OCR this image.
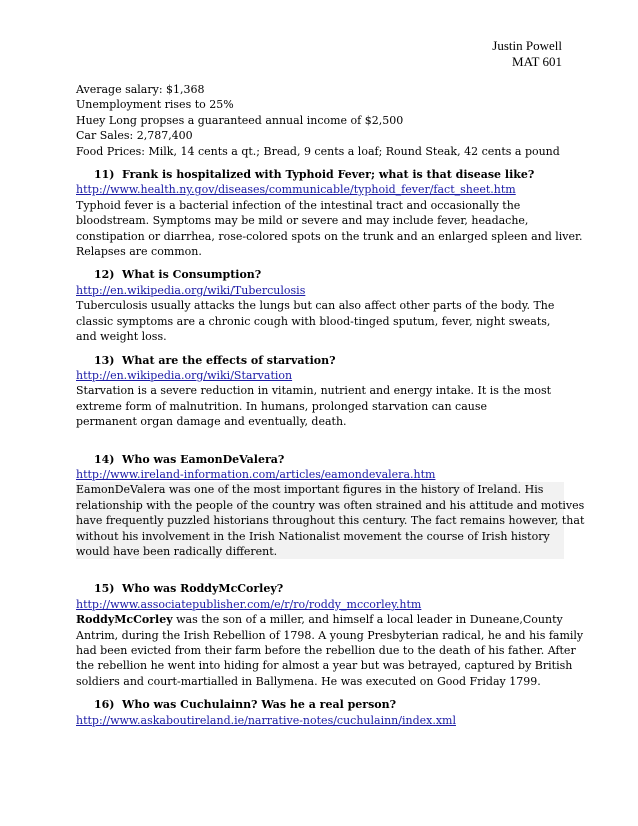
Justin Powell
MAT 601
Average salary: $1,368
Unemployment rises to 25%
Huey Long propses a guaranteed annual income of $2,500
Car Sales: 2,787,400
Food Prices: Milk, 14 cents a qt.; Bread, 9 cents a loaf; Round Steak, 42 cents a pound
11) Frank is hospitalized with Typhoid Fever; what is that disease like?
http://www.health.ny.gov/diseases/communicable/typhoid_fever/fact_sheet.htm
Typhoid fever is a bacterial infection of the intestinal tract and occasionally the
bloodstream. Symptoms may be mild or severe and may include fever, headache,
constipation or diarrhea, rose-colored spots on the trunk and an enlarged spleen and liver.
Relapses are common.
12) What is Consumption?
http://en.wikipedia.org/wiki/Tuberculosis
Tuberculosis usually attacks the lungs but can also affect other parts of the body. The
classic symptoms are a chronic cough with blood-tinged sputum, fever, night sweats,
and weight loss.
13) What are the effects of starvation?
http://en.wikipedia.org/wiki/Starvation
Starvation is a severe reduction in vitamin, nutrient and energy intake. It is the most
extreme form of malnutrition. In humans, prolonged starvation can cause
permanent organ damage and eventually, death.
14) Who was EamonDeValera?
http://www.ireland-information.com/articles/eamondevalera.htm
EamonDeValera was one of the most important figures in the history of Ireland. His
relationship with the people of the country was often strained and his attitude and motives
have frequently puzzled historians throughout this century. The fact remains however, that
without his involvement in the Irish Nationalist movement the course of Irish history
would have been radically different.
15) Who was RoddyMcCorley?
http://www.associatepublisher.com/e/r/ro/roddy_mccorley.htm
RoddyMcCorley was the son of a miller, and himself a local leader in Duneane,County
Antrim, during the Irish Rebellion of 1798. A young Presbyterian radical, he and his family
had been evicted from their farm before the rebellion due to the death of his father. After
the rebellion he went into hiding for almost a year but was betrayed, captured by British
soldiers and court-martialled in Ballymena. He was executed on Good Friday 1799.
16) Who was Cuchulainn? Was he a real person?
http://www.askaboutireland.ie/narrative-notes/cuchulainn/index.xml
